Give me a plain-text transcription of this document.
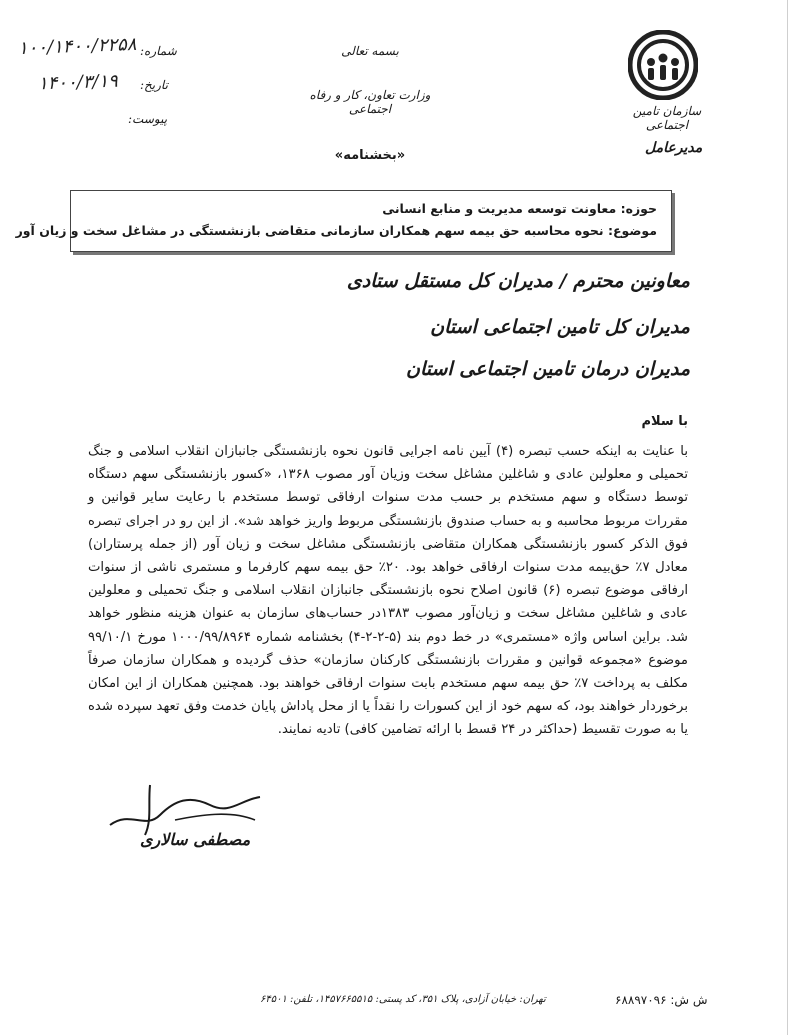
سازمان تامین اجتماعی
مدیرعامل
بسمه تعالی
وزارت تعاون، کار و رفاه اجتماعی
«بخشنامه»
شماره:
۱۰۰/۱۴۰۰/۲۲۵۸
تاریخ:
۱۴۰۰/۳/۱۹
پیوست:
حوزه: معاونت توسعه مدیریت و منابع انسانی
موضوع: نحوه محاسبه حق بیمه سهم همکاران سازمانی متقاضی بازنشستگی در مشاغل سخت و زیان آور
معاونین محترم / مدیران کل مستقل ستادی
مدیران کل تامین اجتماعی استان
مدیران درمان تامین اجتماعی استان
با سلام
با عنایت به اینکه حسب تبصره (۴) آیین نامه اجرایی قانون نحوه بازنشستگی جانبازان انقلاب اسلامی و جنگ تحمیلی و معلولین عادی و شاغلین مشاغل سخت وزیان آور مصوب ۱۳۶۸، «کسور بازنشستگی سهم دستگاه توسط دستگاه و سهم مستخدم بر حسب مدت سنوات ارفاقی توسط مستخدم با رعایت سایر قوانین و مقررات مربوط محاسبه و به حساب صندوق بازنشستگی مربوط واریز خواهد شد». از این رو در اجرای تبصره فوق الذکر کسور بازنشستگی همکاران متقاضی بازنشستگی مشاغل سخت و زیان آور (از جمله پرستاران) معادل ۷٪ حق‌بیمه مدت سنوات ارفاقی خواهد بود. ۲۰٪ حق بیمه سهم کارفرما و مستمری ناشی از سنوات ارفاقی موضوع تبصره (۶) قانون اصلاح نحوه بازنشستگی جانبازان انقلاب اسلامی و جنگ تحمیلی و معلولین عادی و شاغلین مشاغل سخت و زیان‌آور مصوب ۱۳۸۳در حساب‌های سازمان به عنوان هزینه منظور خواهد شد. براین اساس واژه «مستمری» در خط دوم بند (۵-۲-۲-۴) بخشنامه شماره ۱۰۰۰/۹۹/۸۹۶۴ مورخ ۹۹/۱۰/۱ موضوع «مجموعه قوانین و مقررات بازنشستگی کارکنان سازمان» حذف گردیده و همکاران سازمان صرفاً مکلف به پرداخت ۷٪ حق بیمه سهم مستخدم بابت سنوات ارفاقی خواهند بود. همچنین همکاران از این امکان برخوردار خواهند بود، که سهم خود از این کسورات را نقداً یا از محل پاداش پایان خدمت وفق تعهد سپرده شده یا به صورت تقسیط (حداکثر در ۲۴ قسط با ارائه تضامین کافی) تادیه نمایند.
مصطفی سالاری
تهران: خیابان آزادی، پلاک ۳۵۱، کد پستی: ۱۴۵۷۶۶۵۵۱۵، تلفن: ۶۴۵۰۱	ش ش: ۶۸۸۹۷۰۹۶
